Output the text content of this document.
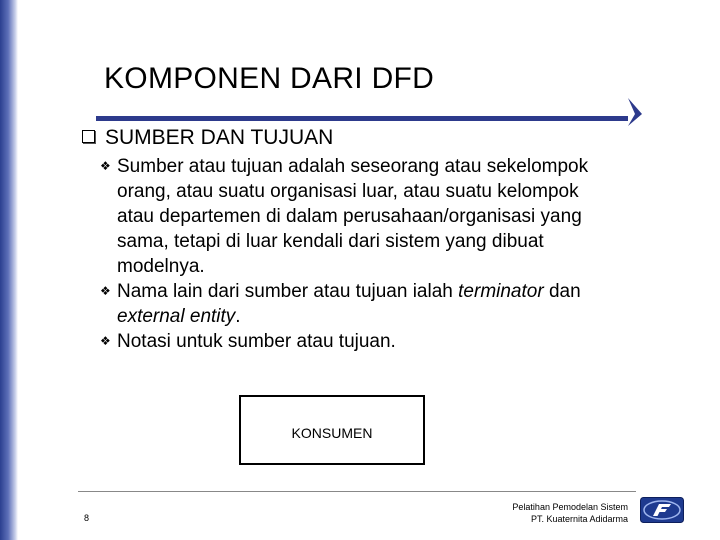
KOMPONEN DARI DFD
SUMBER DAN TUJUAN
❖ Sumber atau tujuan adalah seseorang atau sekelompok
orang, atau suatu organisasi luar, atau suatu kelompok
atau departemen di dalam perusahaan/organisasi yang
sama, tetapi di luar kendali dari sistem yang dibuat
modelnya.
❖ Nama lain dari sumber atau tujuan ialah terminator dan
external entity.
❖ Notasi untuk sumber atau tujuan.
KONSUMEN
8
Pelatihan Pemodelan Sistem
PT. Kuaternita Adidarma
